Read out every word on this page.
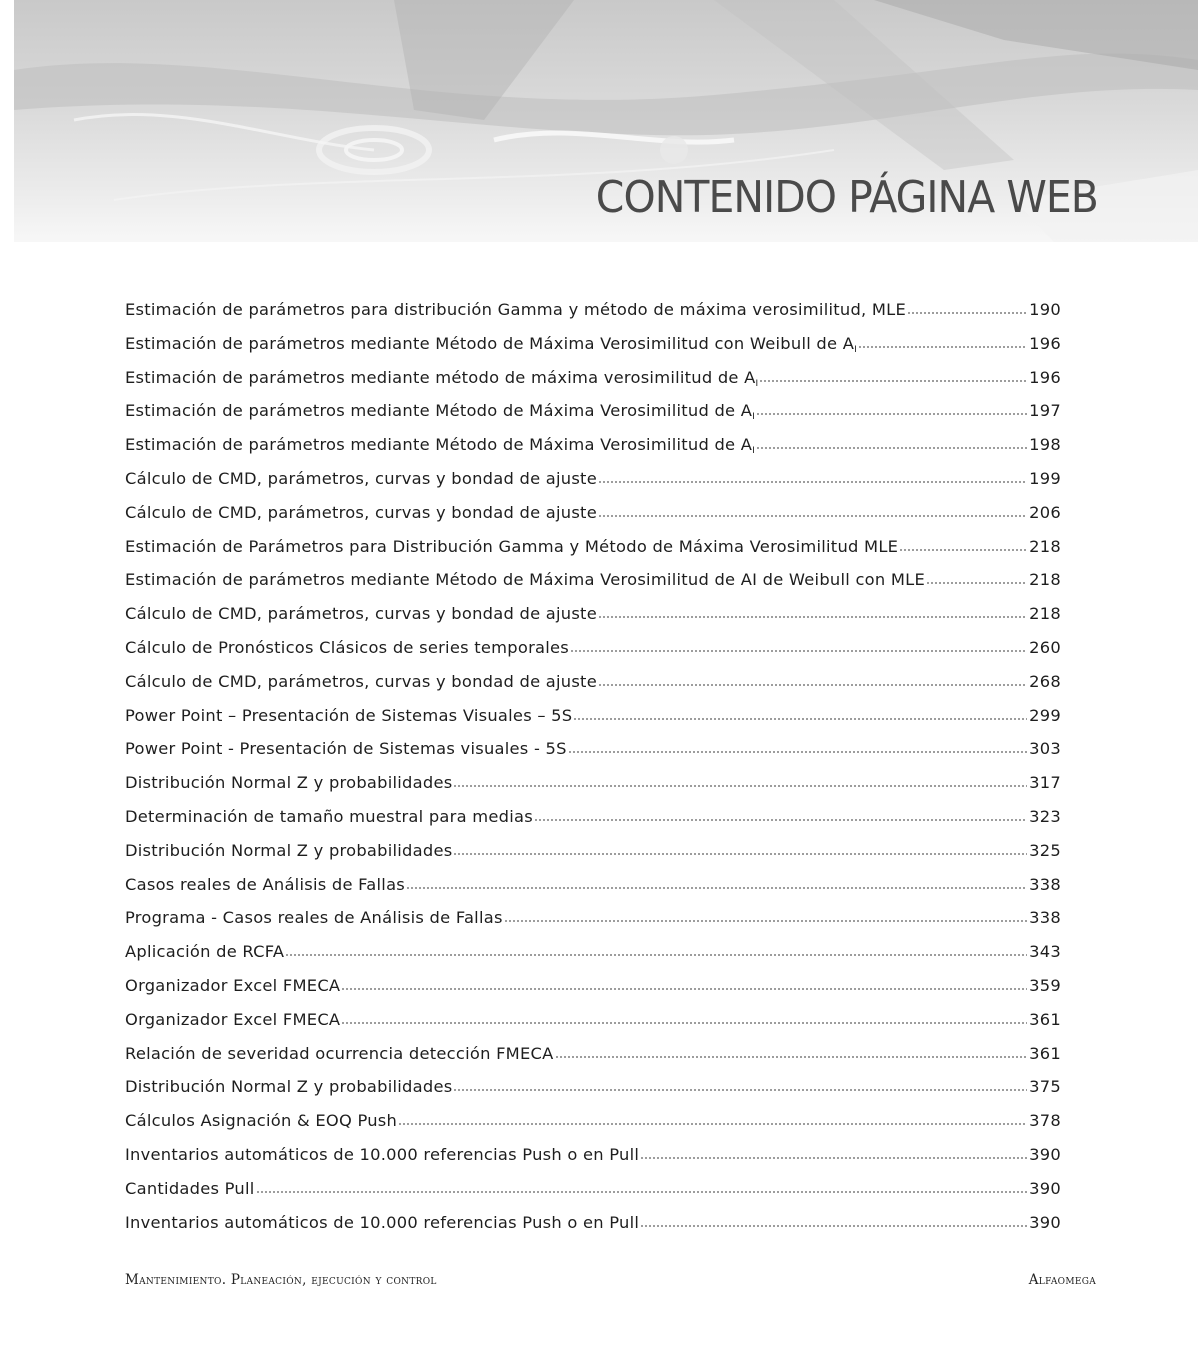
CONTENIDO PÁGINA WEB
Estimación de parámetros para distribución Gamma y método de máxima verosimilitud, MLE	190
Estimación de parámetros mediante Método de Máxima Verosimilitud con Weibull de $A_I$	196
Estimación de parámetros mediante método de máxima verosimilitud de $A_I$	196
Estimación de parámetros mediante Método de Máxima Verosimilitud de $A_I$	197
Estimación de parámetros mediante Método de Máxima Verosimilitud de $A_I$	198
Cálculo de CMD, parámetros, curvas y bondad de ajuste	199
Cálculo de CMD, parámetros, curvas y bondad de ajuste	206
Estimación de Parámetros para Distribución Gamma y Método de Máxima Verosimilitud MLE	218
Estimación de parámetros mediante Método de Máxima Verosimilitud de AI de Weibull con MLE	218
Cálculo de CMD, parámetros, curvas y bondad de ajuste	218
Cálculo de Pronósticos Clásicos de series temporales	260
Cálculo de CMD, parámetros, curvas y bondad de ajuste	268
Power Point – Presentación de Sistemas Visuales – 5S	299
Power Point - Presentación de Sistemas visuales - 5S	303
Distribución Normal Z y probabilidades	317
Determinación de tamaño muestral para medias	323
Distribución Normal Z y probabilidades	325
Casos reales de Análisis de Fallas	338
Programa - Casos reales de Análisis de Fallas	338
Aplicación de RCFA	343
Organizador Excel FMECA	359
Organizador Excel FMECA	361
Relación de severidad ocurrencia detección FMECA	361
Distribución Normal Z y probabilidades	375
Cálculos Asignación & EOQ Push	378
Inventarios automáticos de 10.000 referencias Push o en Pull	390
Cantidades Pull	390
Inventarios automáticos de 10.000 referencias Push o en Pull	390
Mantenimiento. Planeación, ejecución y control	Alfaomega
